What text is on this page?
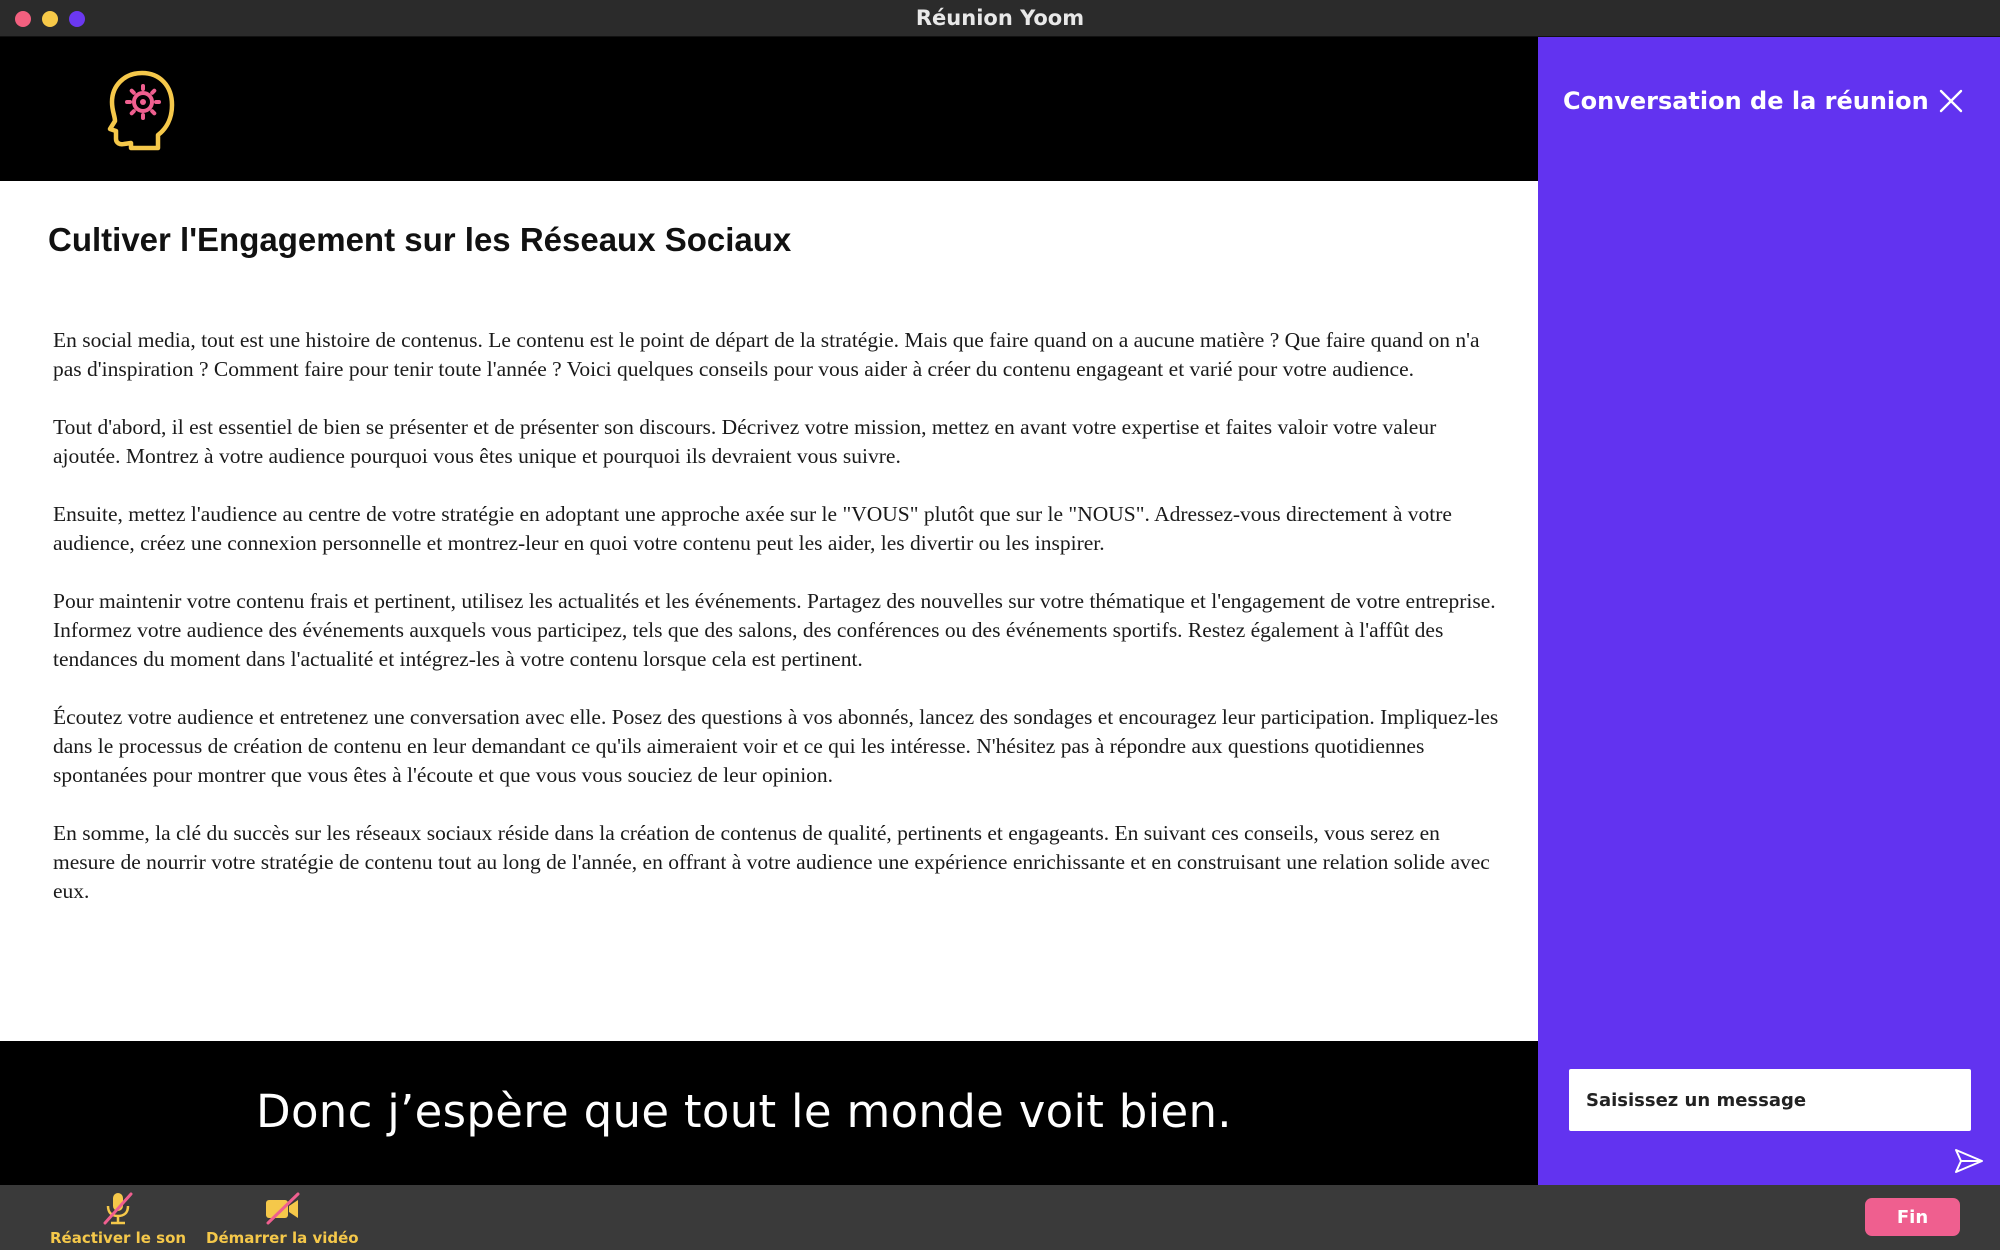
Réunion Yoom
Cultiver l'Engagement sur les Réseaux Sociaux

En social media, tout est une histoire de contenus. Le contenu est le point de départ de la stratégie. Mais que faire quand on a aucune matière ? Que faire quand on n'a pas d'inspiration ? Comment faire pour tenir toute l'année ? Voici quelques conseils pour vous aider à créer du contenu engageant et varié pour votre audience.

Tout d'abord, il est essentiel de bien se présenter et de présenter son discours. Décrivez votre mission, mettez en avant votre expertise et faites valoir votre valeur ajoutée. Montrez à votre audience pourquoi vous êtes unique et pourquoi ils devraient vous suivre.

Ensuite, mettez l'audience au centre de votre stratégie en adoptant une approche axée sur le "VOUS" plutôt que sur le "NOUS". Adressez-vous directement à votre audience, créez une connexion personnelle et montrez-leur en quoi votre contenu peut les aider, les divertir ou les inspirer.

Pour maintenir votre contenu frais et pertinent, utilisez les actualités et les événements. Partagez des nouvelles sur votre thématique et l'engagement de votre entreprise. Informez votre audience des événements auxquels vous participez, tels que des salons, des conférences ou des événements sportifs. Restez également à l'affût des tendances du moment dans l'actualité et intégrez-les à votre contenu lorsque cela est pertinent.

Écoutez votre audience et entretenez une conversation avec elle. Posez des questions à vos abonnés, lancez des sondages et encouragez leur participation. Impliquez-les dans le processus de création de contenu en leur demandant ce qu'ils aimeraient voir et ce qui les intéresse. N'hésitez pas à répondre aux questions quotidiennes spontanées pour montrer que vous êtes à l'écoute et que vous vous souciez de leur opinion.

En somme, la clé du succès sur les réseaux sociaux réside dans la création de contenus de qualité, pertinents et engageants. En suivant ces conseils, vous serez en mesure de nourrir votre stratégie de contenu tout au long de l'année, en offrant à votre audience une expérience enrichissante et en construisant une relation solide avec eux.

Donc j’espère que tout le monde voit bien.
Conversation de la réunion
Saisissez un message
Réactiver le son Démarrer la vidéo
Fin
